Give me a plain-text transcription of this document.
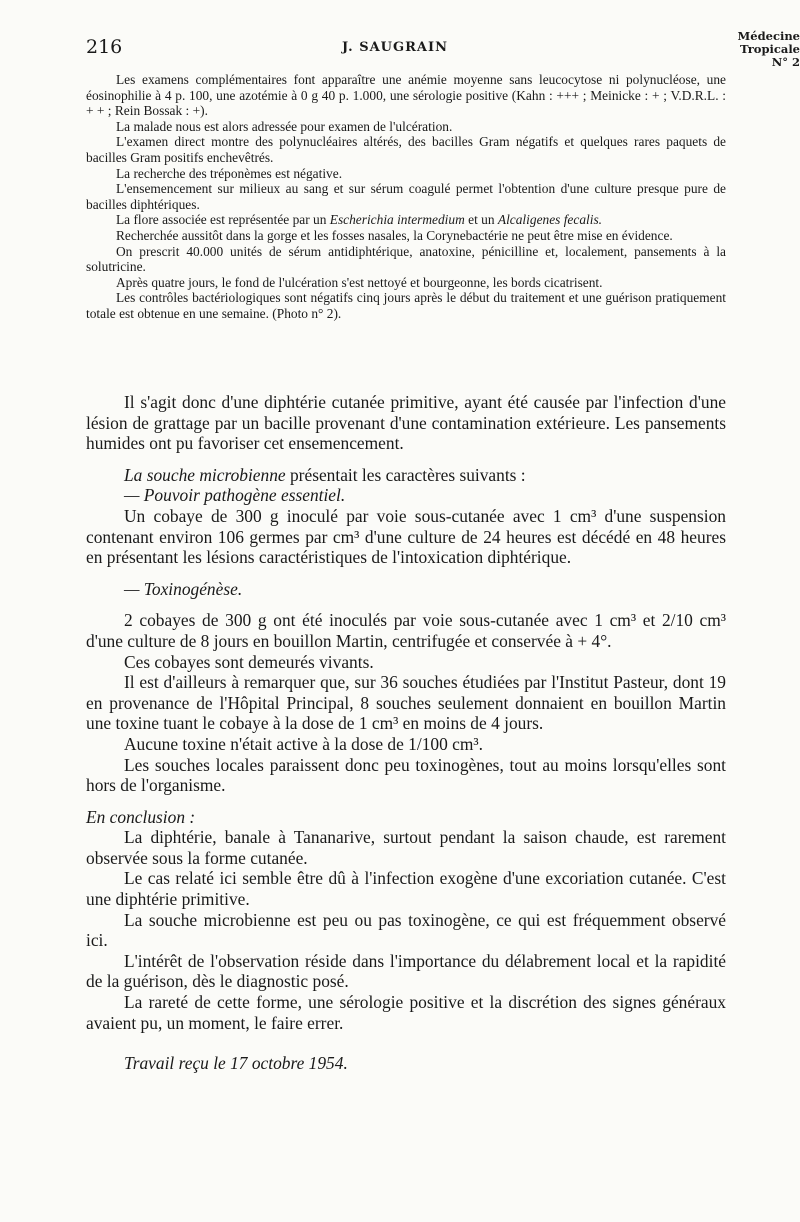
216	J. SAUGRAIN
Médecine
Tropicale
N° 2

Les examens complémentaires font apparaître une anémie moyenne sans leucocytose ni polynucléose, une éosinophilie à 4 p. 100, une azotémie à 0 g 40 p. 1.000, une sérologie positive (Kahn : +++ ; Meinicke : + ; V.D.R.L. : + + ; Rein Bossak : +).

La malade nous est alors adressée pour examen de l'ulcération.

L'examen direct montre des polynucléaires altérés, des bacilles Gram négatifs et quelques rares paquets de bacilles Gram positifs enchevêtrés.

La recherche des tréponèmes est négative.

L'ensemencement sur milieux au sang et sur sérum coagulé permet l'obtention d'une culture presque pure de bacilles diphtériques.

La flore associée est représentée par un Escherichia intermedium et un Alcaligenes fecalis.

Recherchée aussitôt dans la gorge et les fosses nasales, la Corynebactérie ne peut être mise en évidence.

On prescrit 40.000 unités de sérum antidiphtérique, anatoxine, pénicilline et, localement, pansements à la solutricine.

Après quatre jours, le fond de l'ulcération s'est nettoyé et bourgeonne, les bords cicatrisent.

Les contrôles bactériologiques sont négatifs cinq jours après le début du traitement et une guérison pratiquement totale est obtenue en une semaine. (Photo n° 2).

Il s'agit donc d'une diphtérie cutanée primitive, ayant été causée par l'infection d'une lésion de grattage par un bacille provenant d'une contamination extérieure. Les pansements humides ont pu favoriser cet ensemencement.

La souche microbienne présentait les caractères suivants :

— Pouvoir pathogène essentiel.

Un cobaye de 300 g inoculé par voie sous-cutanée avec 1 cm³ d'une suspension contenant environ 106 germes par cm³ d'une culture de 24 heures est décédé en 48 heures en présentant les lésions caractéristiques de l'intoxication diphtérique.

— Toxinogénèse.

2 cobayes de 300 g ont été inoculés par voie sous-cutanée avec 1 cm³ et 2/10 cm³ d'une culture de 8 jours en bouillon Martin, centrifugée et conservée à + 4°.

Ces cobayes sont demeurés vivants.

Il est d'ailleurs à remarquer que, sur 36 souches étudiées par l'Institut Pasteur, dont 19 en provenance de l'Hôpital Principal, 8 souches seulement donnaient en bouillon Martin une toxine tuant le cobaye à la dose de 1 cm³ en moins de 4 jours.

Aucune toxine n'était active à la dose de 1/100 cm³.

Les souches locales paraissent donc peu toxinogènes, tout au moins lorsqu'elles sont hors de l'organisme.

En conclusion :

La diphtérie, banale à Tananarive, surtout pendant la saison chaude, est rarement observée sous la forme cutanée.

Le cas relaté ici semble être dû à l'infection exogène d'une excoriation cutanée. C'est une diphtérie primitive.

La souche microbienne est peu ou pas toxinogène, ce qui est fréquemment observé ici.

L'intérêt de l'observation réside dans l'importance du délabrement local et la rapidité de la guérison, dès le diagnostic posé.

La rareté de cette forme, une sérologie positive et la discrétion des signes généraux avaient pu, un moment, le faire errer.

Travail reçu le 17 octobre 1954.
